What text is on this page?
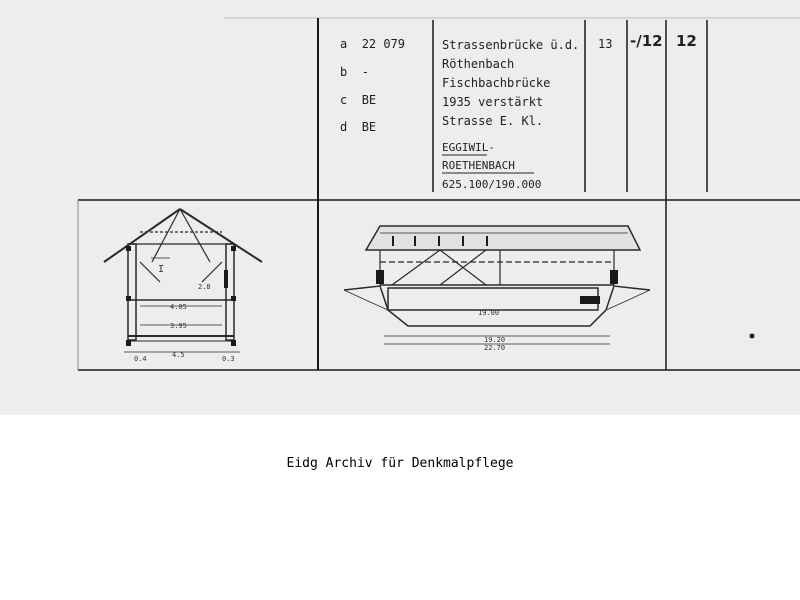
a 22 079
b -
c BE
d BE
Strassenbrücke ü.d.
Röthenbach
Fischbachbrücke
1935 verstärkt
Strasse E. Kl.
EGGIWIL-
ROETHENBACH
625.100/190.000
13 -/12 12
4.05
3.95
4.5
0.4	0.3
2.8
I
19.00
19.20
22.70
Eidg Archiv für Denkmalpflege
